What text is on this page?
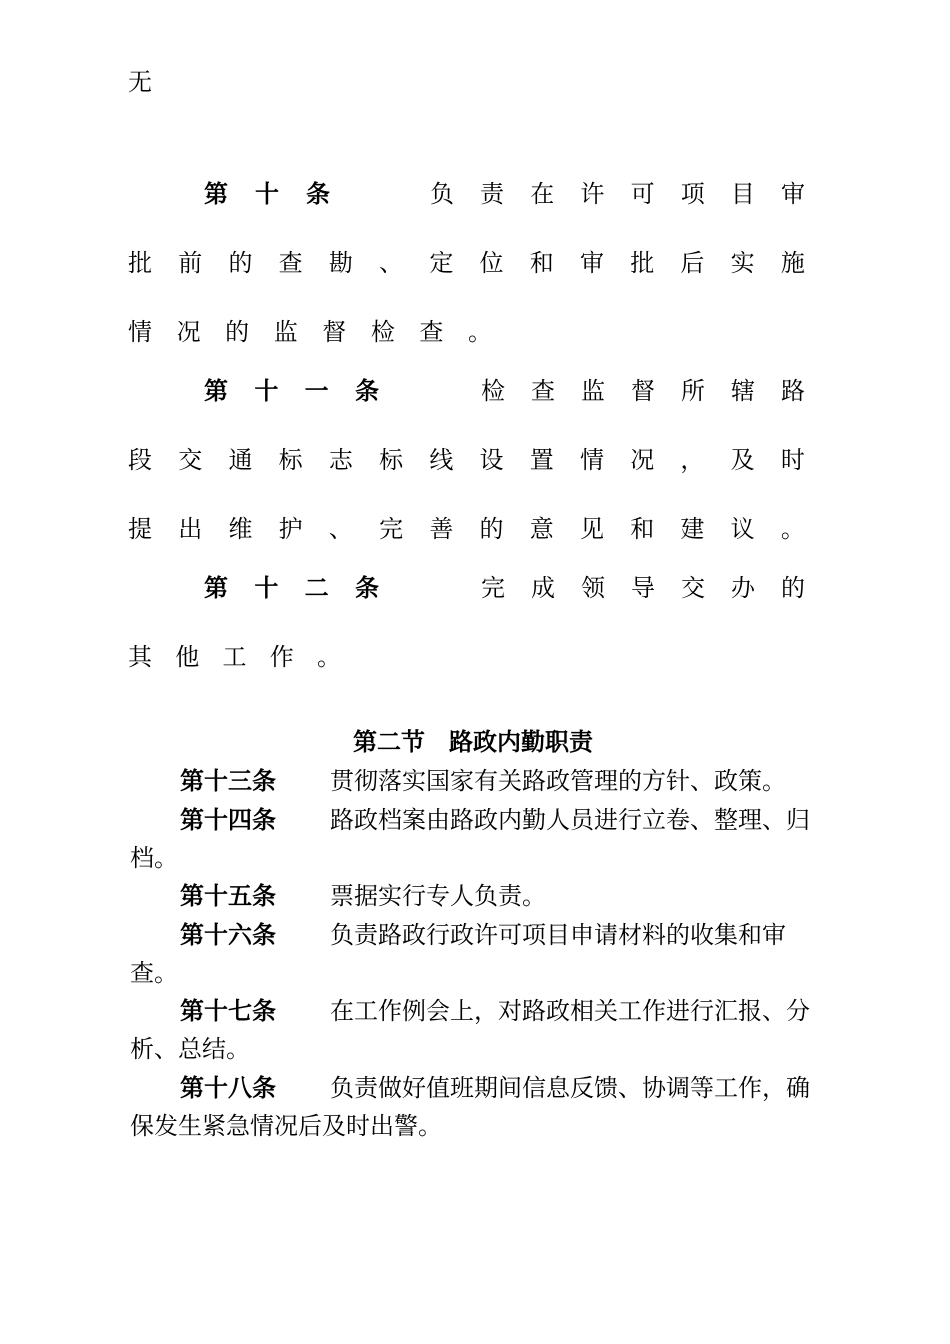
无
第 十 条	负 责 在 许 可 项 目 审
批 前 的 查 勘 、 定 位 和 审 批 后 实 施
情 况 的 监 督 检 查 。
第 十 一 条	检 查 监 督 所 辖 路
段 交 通 标 志 标 线 设 置 情 况 ， 及 时
提 出 维 护 、 完 善 的 意 见 和 建 议 。
第 十 二 条	完 成 领 导 交 办 的
其 他 工 作 。
第二节　路政内勤职责
第十三条 贯彻落实国家有关路政管理的方针、政策。
第十四条 路政档案由路政内勤人员进行立卷、整理、归
档。
第十五条 票据实行专人负责。
第十六条 负责路政行政许可项目申请材料的收集和审
查。
第十七条 在工作例会上，对路政相关工作进行汇报、分
析、总结。
第十八条 负责做好值班期间信息反馈、协调等工作，确
保发生紧急情况后及时出警。
